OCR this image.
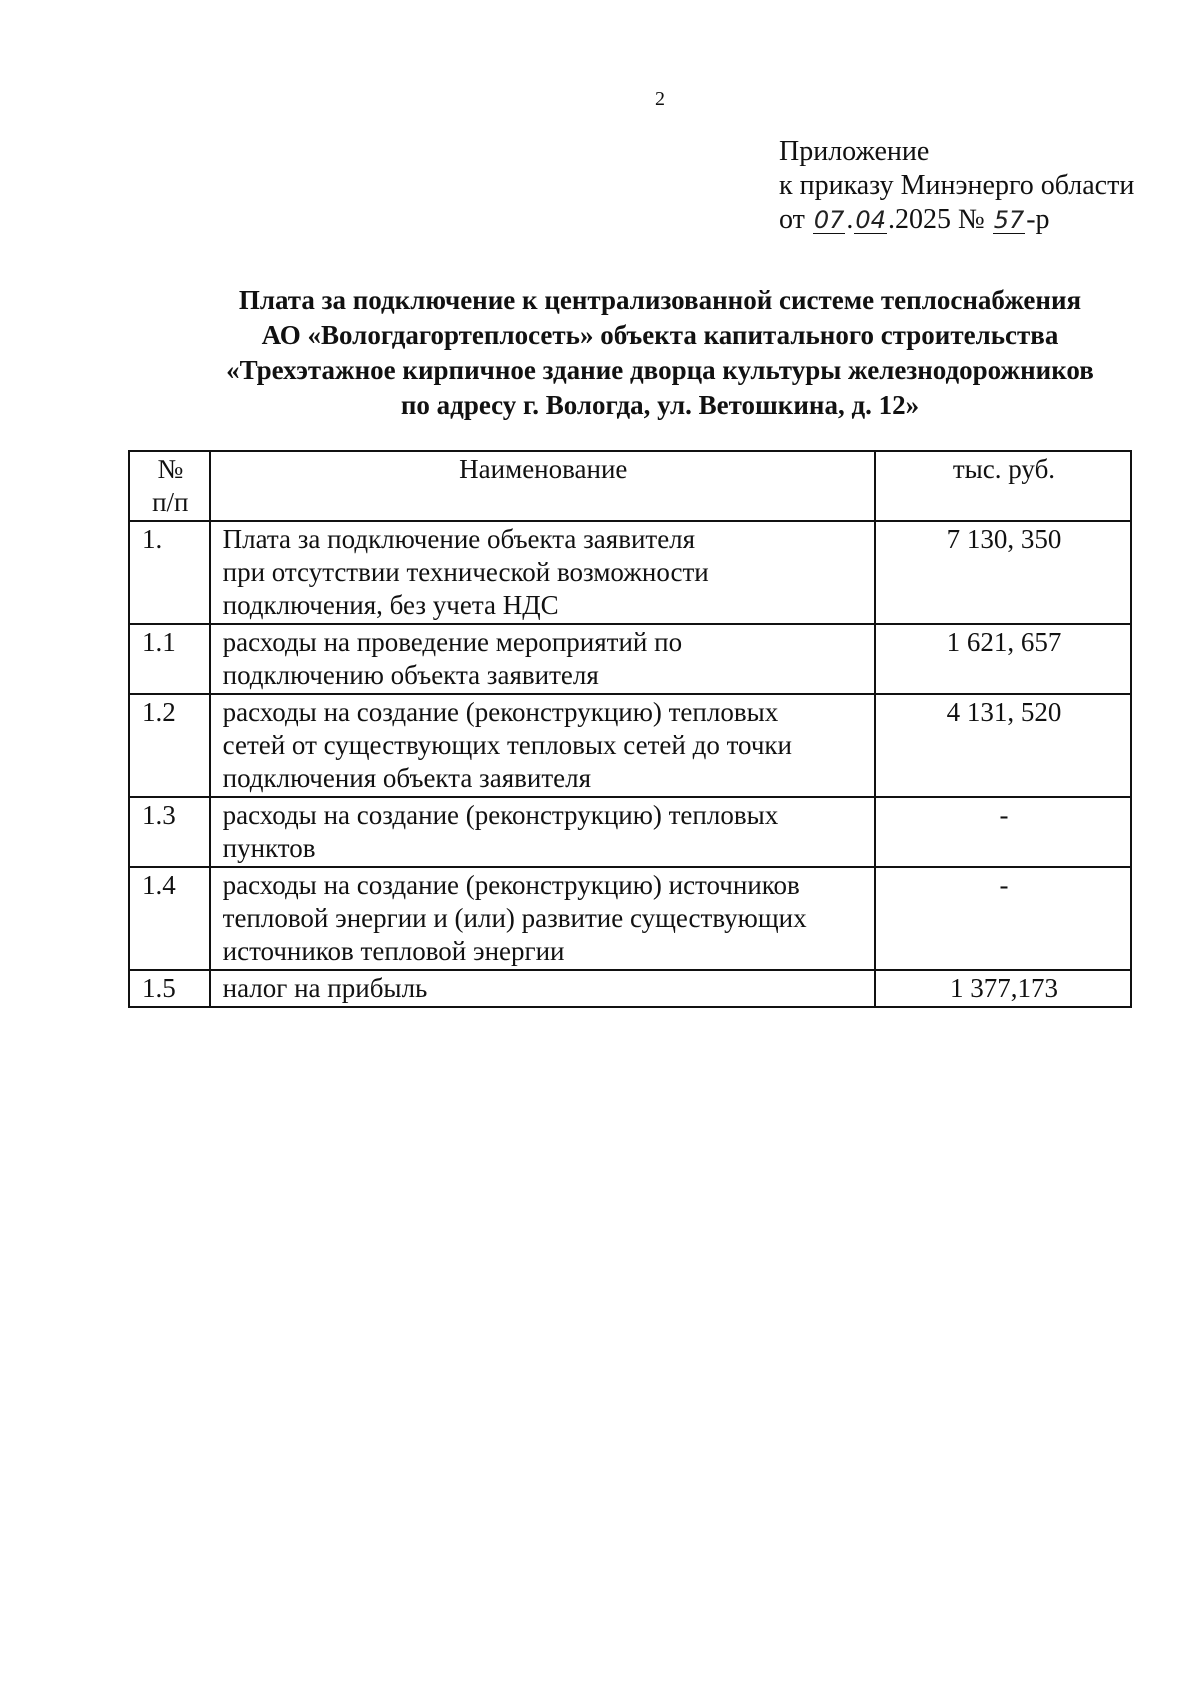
2
Приложение
к приказу Минэнерго области
от 07.04.2025 № 57-р
Плата за подключение к централизованной системе теплоснабжения
АО «Вологдагортеплосеть» объекта капитального строительства
«Трехэтажное кирпичное здание дворца культуры железнодорожников
по адресу г. Вологда, ул. Ветошкина, д. 12»
№
п/п	Наименование	тыс. руб.
1.	Плата за подключение объекта заявителя
при отсутствии технической возможности
подключения, без учета НДС	7 130, 350
1.1	расходы на проведение мероприятий по
подключению объекта заявителя	1 621, 657
1.2	расходы на создание (реконструкцию) тепловых
сетей от существующих тепловых сетей до точки
подключения объекта заявителя	4 131, 520
1.3	расходы на создание (реконструкцию) тепловых
пунктов	-
1.4	расходы на создание (реконструкцию) источников
тепловой энергии и (или) развитие существующих
источников тепловой энергии	-
1.5	налог на прибыль	1 377,173
